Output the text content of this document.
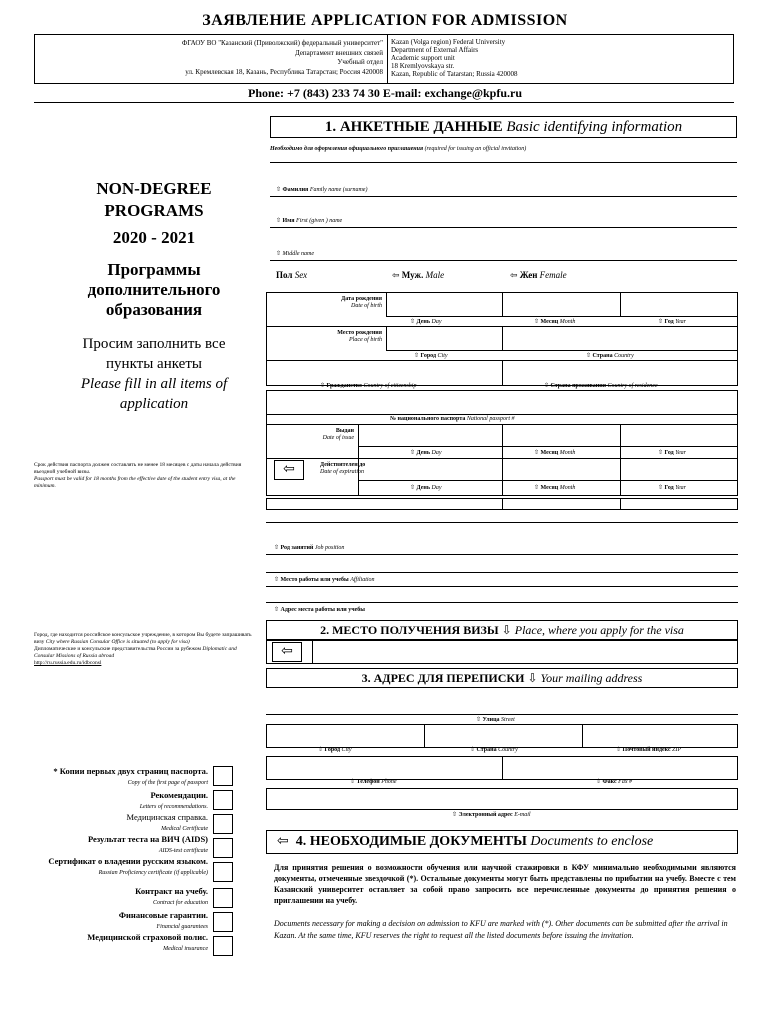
ЗАЯВЛЕНИЕ APPLICATION FOR ADMISSION
ФГАОУ ВО "Казанский (Приволжский) федеральный университет"
Департамент внешних связей
Учебный отдел
ул. Кремлевская 18, Казань, Республика Татарстан; Россия 420008
Kazan (Volga region) Federal University
Department of External Affairs
Academic support unit
18 Kremlyovskaya str.
Kazan, Republic of Tatarstan; Russia 420008
Phone: +7 (843) 233 74 30 E-mail: exchange@kpfu.ru
1. АНКЕТНЫЕ ДАННЫЕ Basic identifying information
Необходимо для оформления официального приглашения (required for issuing an official invitation)
NON-DEGREE
PROGRAMS
2020 - 2021
Программы
дополнительного
образования
Просим заполнить все
пункты анкеты
Please fill in all items of
application
Срок действия паспорта должен составлять не менее 18 месяцев с даты начала действия въездной учебной визы.
Passport must be valid for 18 months from the effective date of the student entry visa, at the minimum.
Город, где находится российское консульское учреждение, в котором Вы будете запрашивать визу City where Russian Consular Office is situated (to apply for visa)
Дипломатические и консульские представительства России за рубежом Diplomatic and Consular Missions of Russia abroad
http://ru.russia.edu.ru/idbconsl
⇧ Фамилия Family name (surname)
⇧ Имя First (given ) name
⇧ Middle name
Пол Sex	⇦ Муж. Male	⇦ Жен Female
Дата рождения
Date of birth
⇧ День Day	⇧ Месяц Month	⇧ Год Year
Место рождения
Place of birth
⇧ Город City	⇧ Страна Country
⇧ Гражданство Country of citizenship	⇧ Страна проживания Country of residence
№ национального паспорта National passport #
Выдан
Date of issue
⇧ День Day	⇧ Месяц Month	⇧ Год Year
⇦	Действителен до
Date of expiration
⇧ День Day	⇧ Месяц Month	⇧ Год Year
⇧ Род занятий Job position
⇧ Место работы или учебы Affiliation
⇧ Адрес места работы или учебы
2. МЕСТО ПОЛУЧЕНИЯ ВИЗЫ ⇩ Place, where you apply for the visa
⇦
3. АДРЕС ДЛЯ ПЕРЕПИСКИ ⇩ Your mailing address
⇧ Улица Street
⇧ Город City	⇧ Страна Country	⇧ Почтовый индекс ZIP
⇧ Телефон Phone	⇧ Факс Fax #
⇧ Электронный адрес E-mail
⇦  4. НЕОБХОДИМЫЕ ДОКУМЕНТЫ Documents to enclose
Для принятия решения о возможности обучения или научной стажировки в КФУ минимально необходимыми являются документы, отмеченные звездочкой (*). Остальные документы могут быть представлены по прибытии на учебу. Вместе с тем Казанский университет оставляет за собой право запросить все перечисленные документы до принятия решения о приглашении на учебу.
Documents necessary for making a decision on admission to KFU are marked with (*). Other documents can be submitted after the arrival in Kazan. At the same time, KFU reserves the right to request all the listed documents before issuing the invitation.
* Копии первых двух страниц паспорта. Copy of the first page of passport
Рекомендации.
Letters of recommendations.
Медицинская справка.
Medical Certificate
Результат теста на ВИЧ (AIDS)
AIDS-test certificate
Сертификат о владении русским языком. Russian Proficiency certificate (if applicable)
Контракт на учебу.
Contract for education
Финансовые гарантии.
Financial guarantees
Медицинской страховой полис.
Medical insurance
